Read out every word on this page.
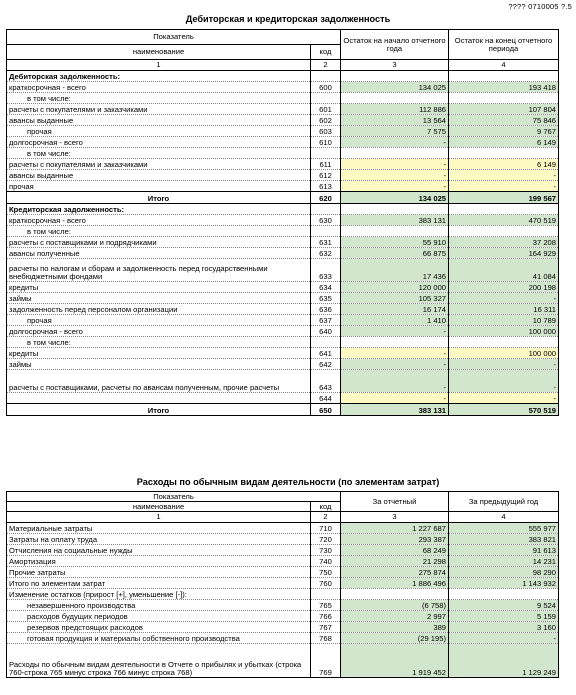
???? 0710005 ?.5
Дебиторская и кредиторская задолженность
Показатель		Остаток на начало отчетного года	Остаток на конец отчетного периода
наименование	код		
1	2	3	4
Дебиторская задолженность:			
краткосрочная - всего	600	134 025	193 418
в том числе:			
расчеты с покупателями и заказчиками	601	112 886	107 804
авансы выданные	602	13 564	75 846
прочая	603	7 575	9 767
долгосрочная - всего	610	-	6 149
в том числе:			
расчеты с покупателями и заказчиками	611	-	6 149
авансы выданные	612	-	-
прочая	613	-	-
Итого	620	134 025	199 567
Кредиторская задолженность:			
краткосрочная - всего	630	383 131	470 519
в том числе:			
расчеты с поставщиками и подрядчиками	631	55 910	37 208
авансы полученные	632	66 875	164 929
расчеты по налогам и сборам и задолженность перед государственными внебюджетными фондами	633	17 436	41 084
кредиты	634	120 000	200 198
займы	635	105 327	-
задолженность перед персоналом организации	636	16 174	16 311
прочая	637	1 410	10 789
долгосрочная - всего	640	-	100 000
в том числе:			
кредиты	641	-	100 000
займы	642	-	-
расчеты с поставщиками, расчеты по авансам полученным, прочие расчеты	643	-	-
	644	-	-
Итого	650	383 131	570 519
Расходы по обычным видам деятельности (по элементам затрат)
Показатель		За отчетный	За предыдущий год
наименование	код		
1	2	3	4
Материальные затраты	710	1 227 687	555 977
Затраты на оплату труда	720	293 387	383 821
Отчисления на социальные нужды	730	68 249	91 613
Амортизация	740	21 298	14 231
Прочие затраты	750	275 874	98 290
Итого по элементам затрат	760	1 886 496	1 143 932
Изменение остатков (прирост [+], уменьшение [-]):			
незавершенного производства	765	(6 758)	9 524
расходов будущих периодов	766	2 997	5 159
резервов предстоящих расходов	767	389	3 160
готовая продукция и материалы собственного производства	768	(29 195)	-
Расходы по обычным видам деятельности в Отчете о прибылях и убытках (строка 760-строка 765 минус строка 766 минус строка 768)	769	1 919 452	1 129 249
